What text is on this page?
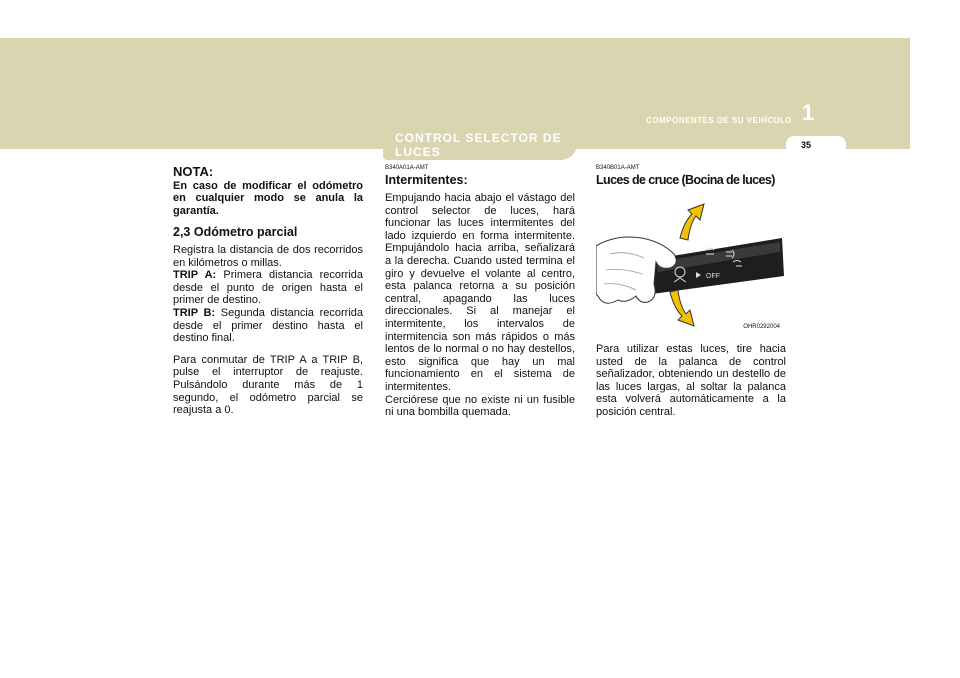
1
COMPONENTES DE SU VEHÍCULO
35
CONTROL SELECTOR DE LUCES
NOTA:
En caso de modificar el odómetro en cualquier modo se anula la garantía.
2,3 Odómetro parcial
Registra la distancia de dos recorridos en kilómetros o millas.
TRIP A: Primera distancia recorrida desde el punto de origen hasta el primer de destino.
TRIP B: Segunda distancia recorrida desde el primer destino hasta el destino final.
Para conmutar de TRIP A a TRIP B, pulse el interruptor de reajuste. Pulsándolo durante más de 1 segundo, el odómetro parcial se reajusta a 0.
B340A01A-AMT
Intermitentes:
Empujando hacia abajo el vástago del control selector de luces, hará funcionar las luces intermitentes del lado izquierdo en forma intermitente. Empujándolo hacia arriba, señalizará a la derecha. Cuando usted termina el giro y devuelve el volante al centro, esta palanca retorna a su posición central, apagando las luces direccionales. Si al manejar el intermitente, los intervalos de intermitencia son más rápidos o más lentos de lo normal o no hay destellos, esto significa que hay un mal funcionamiento en el sistema de intermitentes.
Cerciórese que no existe ni un fusible ni una bombilla quemada.
B340B01A-AMT
Luces de cruce (Bocina de luces)
OFF
OHR0292004
Para utilizar estas luces, tire hacia usted de la palanca de control señalizador, obteniendo un destello de las luces largas, al soltar la palanca esta volverá automáticamente a la posición central.
